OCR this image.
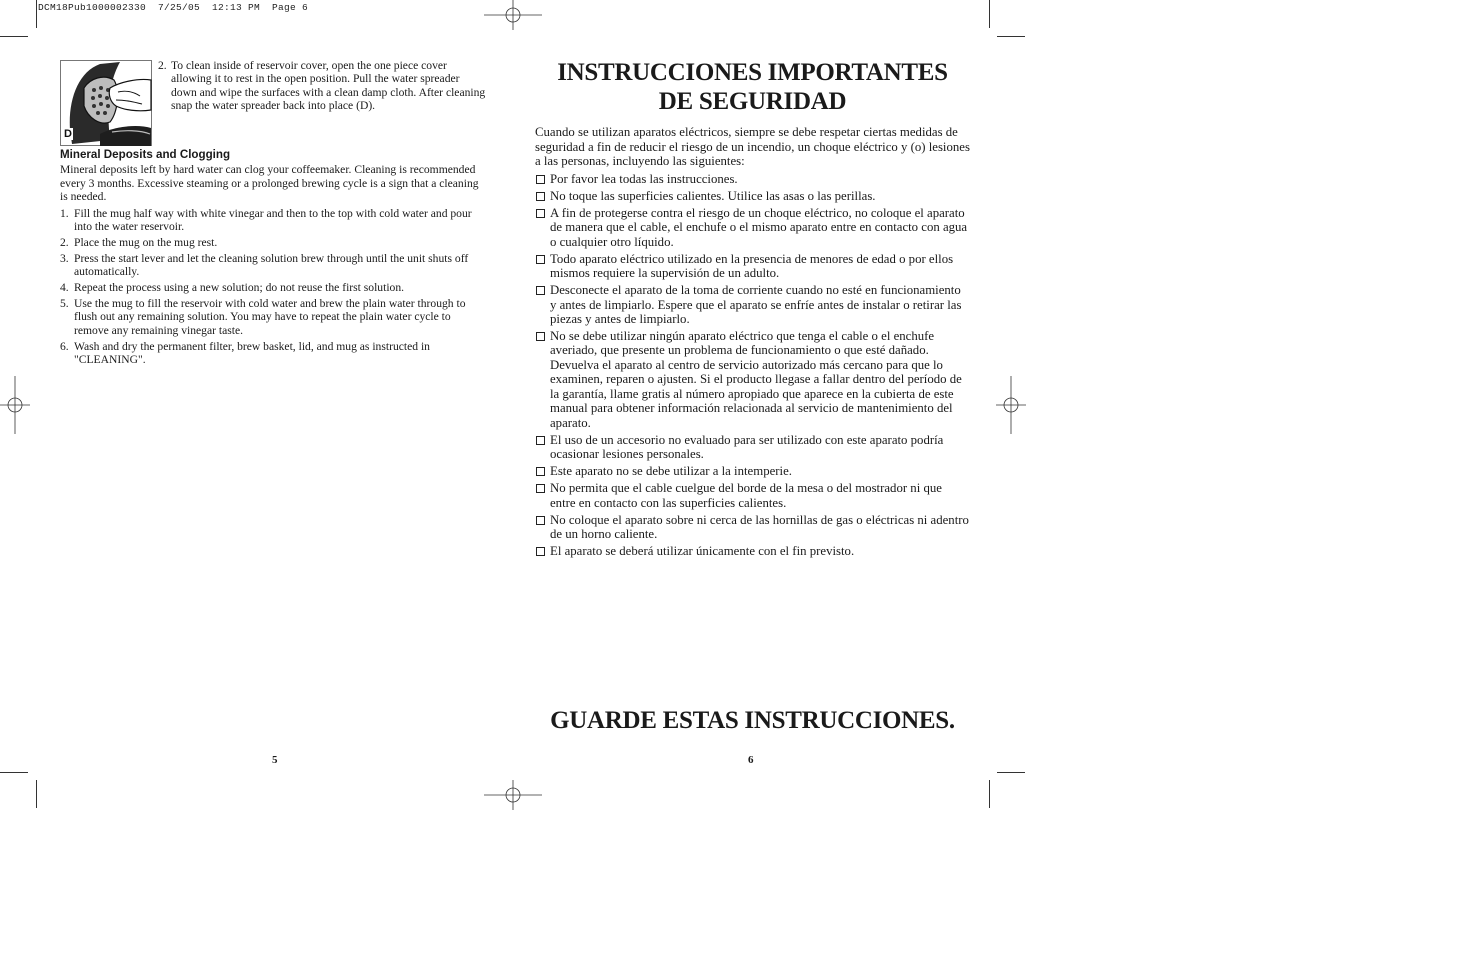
DCM18Pub1000002330  7/25/05  12:13 PM  Page 6
D
2. To clean inside of reservoir cover, open the one piece cover allowing it to rest in the open position. Pull the water spreader down and wipe the surfaces with a clean damp cloth. After cleaning snap the water spreader back into place (D).
Mineral Deposits and Clogging

Mineral deposits left by hard water can clog your coffeemaker. Cleaning is recommended every 3 months. Excessive steaming or a prolonged brewing cycle is a sign that a cleaning is needed.

1. Fill the mug half way with white vinegar and then to the top with cold water and pour into the water reservoir.
2. Place the mug on the mug rest.
3. Press the start lever and let the cleaning solution brew through until the unit shuts off automatically.
4. Repeat the process using a new solution; do not reuse the first solution.
5. Use the mug to fill the reservoir with cold water and brew the plain water through to flush out any remaining solution. You may have to repeat the plain water cycle to remove any remaining vinegar taste.
6. Wash and dry the permanent filter, brew basket, lid, and mug as instructed in "CLEANING".
5
INSTRUCCIONES IMPORTANTES
DE SEGURIDAD
Cuando se utilizan aparatos eléctricos, siempre se debe respetar ciertas medidas de seguridad a fin de reducir el riesgo de un incendio, un choque eléctrico y (o) lesiones a las personas, incluyendo las siguientes:
Por favor lea todas las instrucciones.
No toque las superficies calientes. Utilice las asas o las perillas.
A fin de protegerse contra el riesgo de un choque eléctrico, no coloque el aparato de manera que el cable, el enchufe o el mismo aparato entre en contacto con agua o cualquier otro líquido.
Todo aparato eléctrico utilizado en la presencia de menores de edad o por ellos mismos requiere la supervisión de un adulto.
Desconecte el aparato de la toma de corriente cuando no esté en funcionamiento y antes de limpiarlo. Espere que el aparato se enfríe antes de instalar o retirar las piezas y antes de limpiarlo.
No se debe utilizar ningún aparato eléctrico que tenga el cable o el enchufe averiado, que presente un problema de funcionamiento o que esté dañado. Devuelva el aparato al centro de servicio autorizado más cercano para que lo examinen, reparen o ajusten. Si el producto llegase a fallar dentro del período de la garantía, llame gratis al número apropiado que aparece en la cubierta de este manual para obtener información relacionada al servicio de mantenimiento del aparato.
El uso de un accesorio no evaluado para ser utilizado con este aparato podría ocasionar lesiones personales.
Este aparato no se debe utilizar a la intemperie.
No permita que el cable cuelgue del borde de la mesa o del mostrador ni que entre en contacto con las superficies calientes.
No coloque el aparato sobre ni cerca de las hornillas de gas o eléctricas ni adentro de un horno caliente.
El aparato se deberá utilizar únicamente con el fin previsto.
GUARDE ESTAS INSTRUCCIONES.
6
